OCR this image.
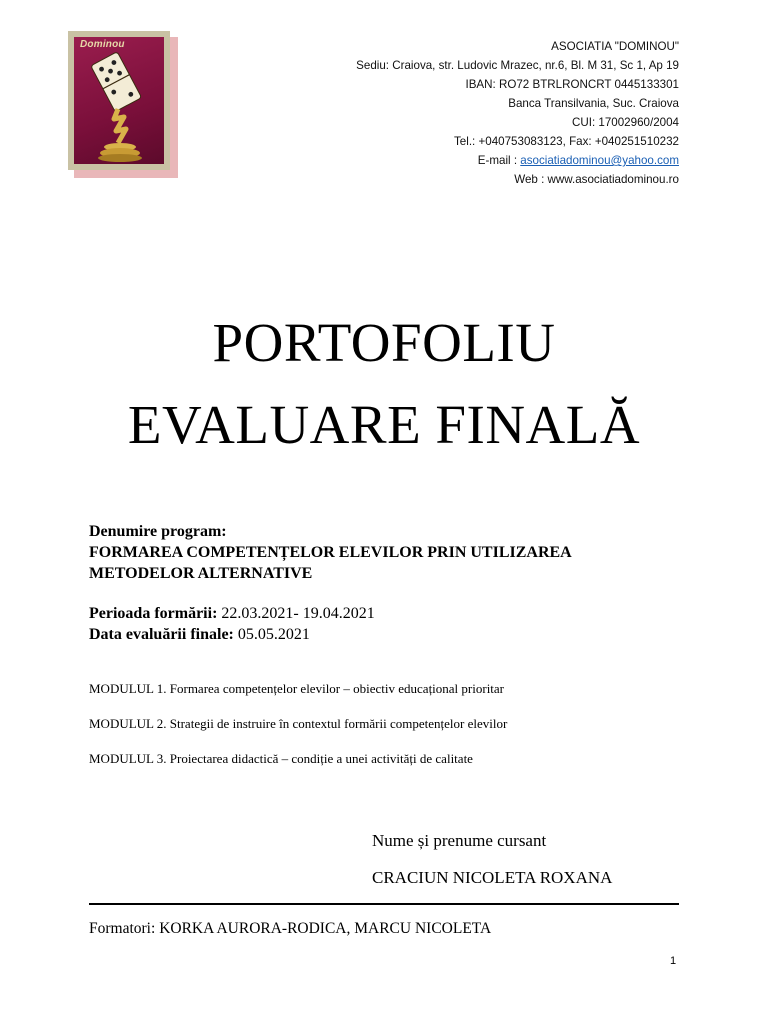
Dominou	ASOCIATIA "DOMINOU"
Sediu: Craiova, str. Ludovic Mrazec, nr.6, Bl. M 31, Sc 1, Ap 19
IBAN: RO72 BTRLRONCRT 0445133301
Banca Transilvania, Suc. Craiova
CUI: 17002960/2004
Tel.: +040753083123, Fax: +040251510232
E-mail : asociatiadominou@yahoo.com
Web : www.asociatiadominou.ro
PORTOFOLIU
EVALUARE FINALĂ
Denumire program:
FORMAREA COMPETENȚELOR ELEVILOR PRIN UTILIZAREA
METODELOR ALTERNATIVE
Perioada formării: 22.03.2021- 19.04.2021
Data evaluării finale: 05.05.2021
MODULUL 1. Formarea competențelor elevilor – obiectiv educațional prioritar
MODULUL 2. Strategii de instruire în contextul formării competențelor elevilor
MODULUL 3. Proiectarea didactică – condiție a unei activități de calitate
Nume și prenume cursant
CRACIUN NICOLETA ROXANA
Formatori: KORKA AURORA-RODICA, MARCU NICOLETA
1
